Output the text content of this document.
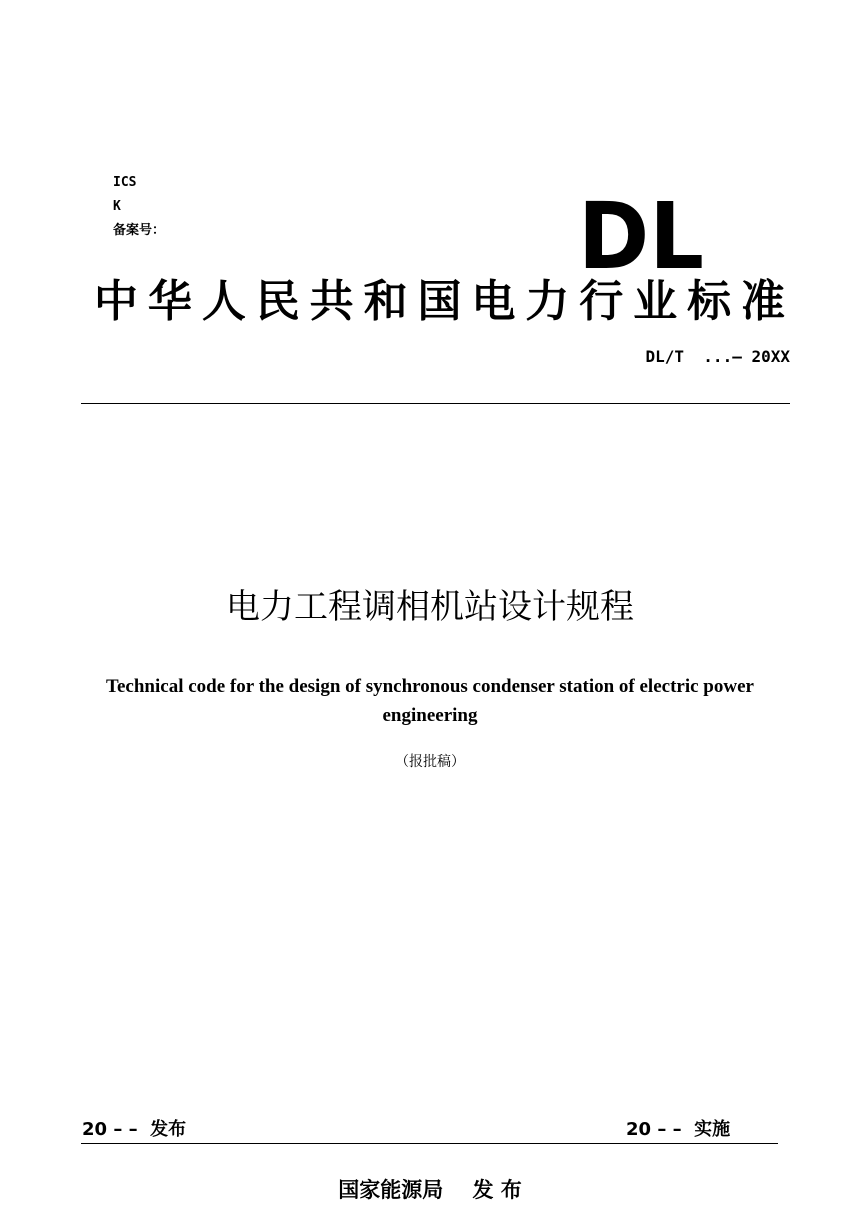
ICS
K
备案号：	DL
中华人民共和国电力行业标准
DL/T  ...— 20XX
电力工程调相机站设计规程
Technical code for the design of synchronous condenser station of electric power engineering
（报批稿）
20 – –  发布	20 – –  实施
国家能源局    发 布
